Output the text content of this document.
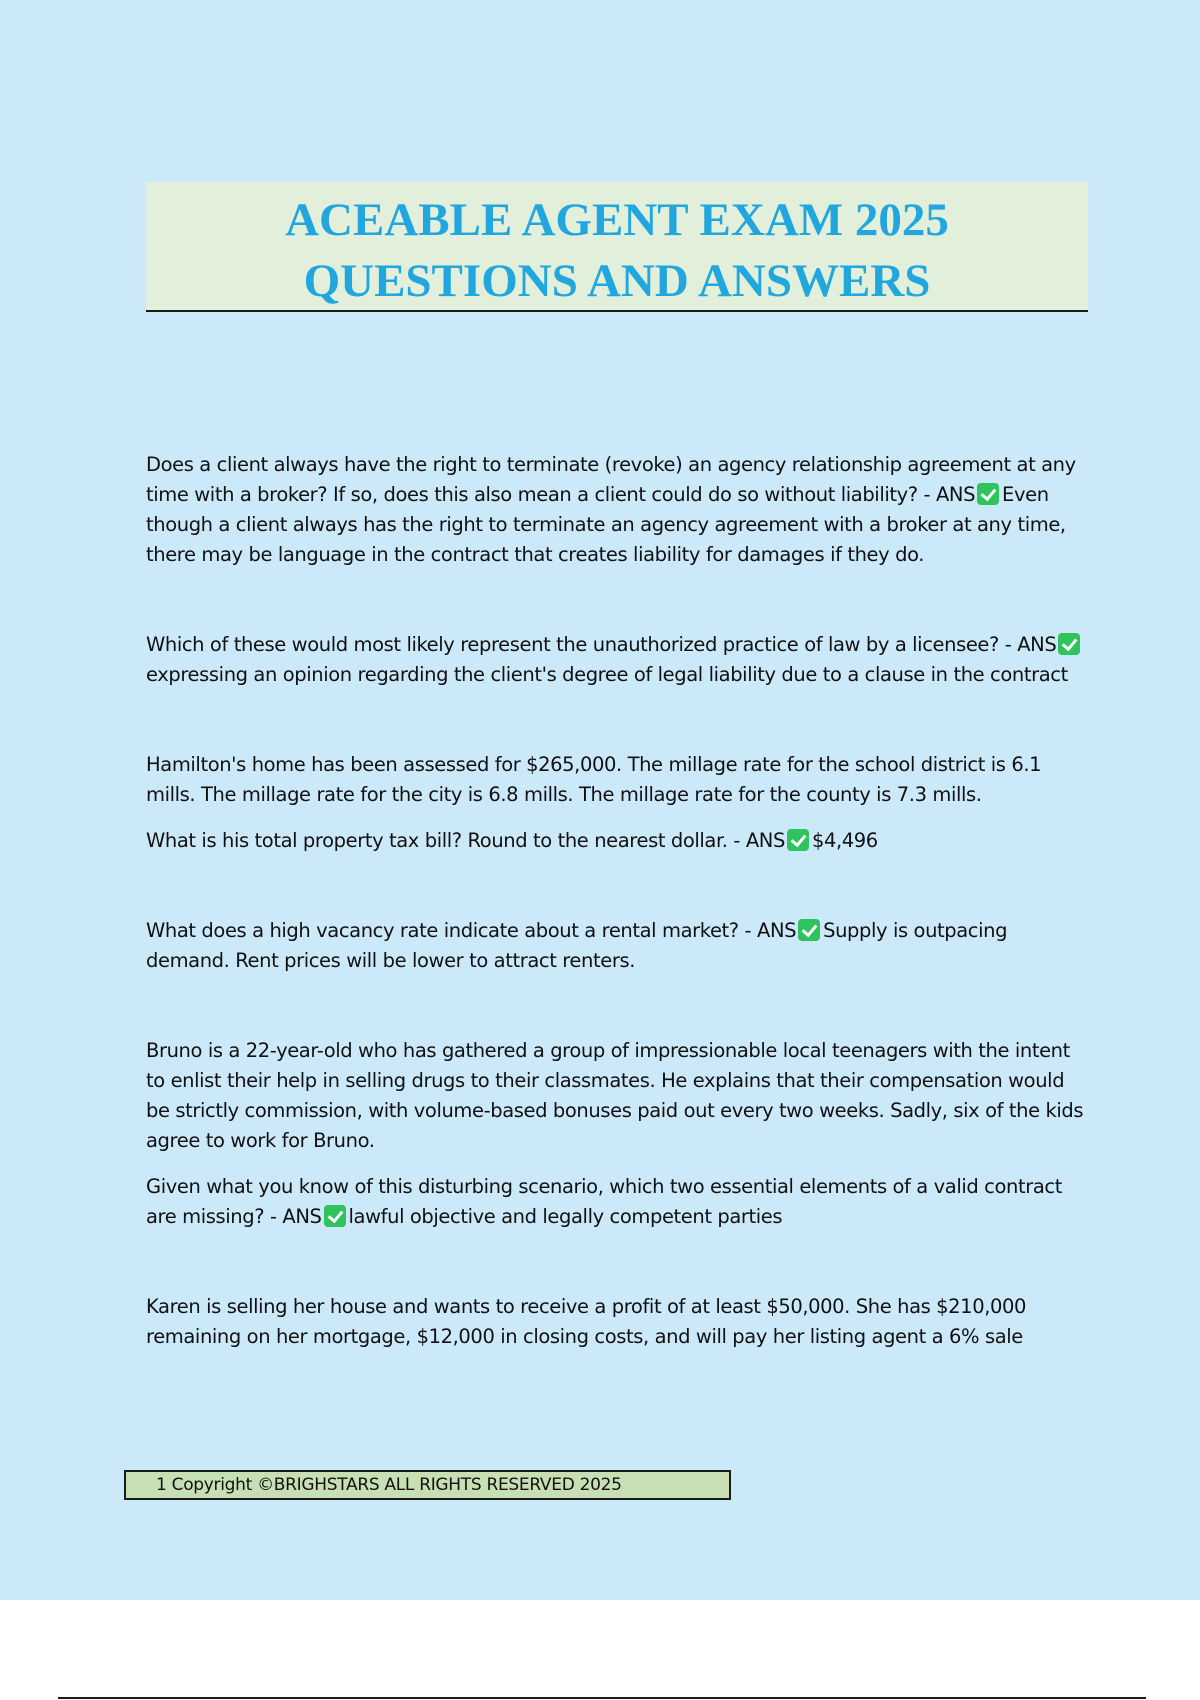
ACEABLE AGENT EXAM 2025

QUESTIONS AND ANSWERS

Does a client always have the right to terminate (revoke) an agency relationship agreement at any time with a broker? If so, does this also mean a client could do so without liability? - ANS Even though a client always has the right to terminate an agency agreement with a broker at any time, there may be language in the contract that creates liability for damages if they do.

Which of these would most likely represent the unauthorized practice of law by a licensee? - ANSexpressing an opinion regarding the client's degree of legal liability due to a clause in the contract

Hamilton's home has been assessed for $265,000. The millage rate for the school district is 6.1 mills. The millage rate for the city is 6.8 mills. The millage rate for the county is 7.3 mills.

What is his total property tax bill? Round to the nearest dollar. - ANS $4,496

What does a high vacancy rate indicate about a rental market? - ANS Supply is outpacing demand. Rent prices will be lower to attract renters.

Bruno is a 22-year-old who has gathered a group of impressionable local teenagers with the intent to enlist their help in selling drugs to their classmates. He explains that their compensation would be strictly commission, with volume-based bonuses paid out every two weeks. Sadly, six of the kids agree to work for Bruno.

Given what you know of this disturbing scenario, which two essential elements of a valid contract are missing? - ANS lawful objective and legally competent parties

Karen is selling her house and wants to receive a profit of at least $50,000. She has $210,000 remaining on her mortgage, $12,000 in closing costs, and will pay her listing agent a 6% sale

1 Copyright ©BRIGHSTARS ALL RIGHTS RESERVED 2025
